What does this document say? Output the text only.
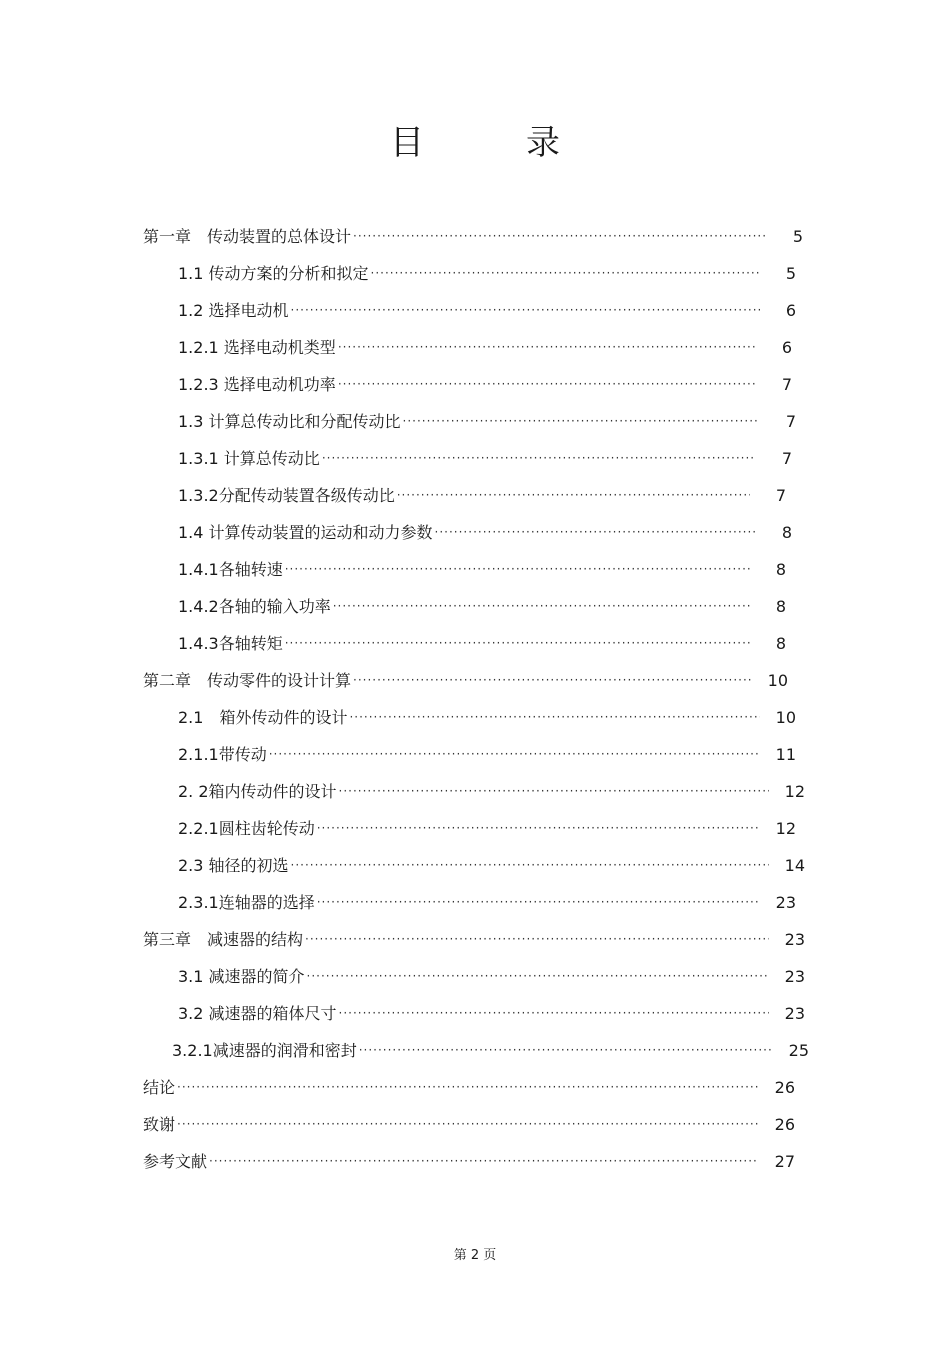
目　录
第一章　传动装置的总体设计 ·····	5
1.1 传动方案的分析和拟定 ·····	5
1.2 选择电动机 ·····	6
1.2.1 选择电动机类型 ·····	6
1.2.3 选择电动机功率 ·····	7
1.3 计算总传动比和分配传动比 ·····	7
1.3.1 计算总传动比 ·····	7
1.3.2分配传动装置各级传动比 ·····	7
1.4 计算传动装置的运动和动力参数 ·····	8
1.4.1各轴转速 ·····	8
1.4.2各轴的输入功率 ·····	8
1.4.3各轴转矩 ·····	8
第二章　传动零件的设计计算 ·····	10
2.1　箱外传动件的设计 ·····	10
2.1.1带传动 ·····	11
2. 2箱内传动件的设计 ·····	12
2.2.1圆柱齿轮传动 ·····	12
2.3 轴径的初选 ·····	14
2.3.1连轴器的选择 ·····	23
第三章　减速器的结构 ·····	23
3.1 减速器的简介 ·····	23
3.2 减速器的箱体尺寸 ·····	23
3.2.1减速器的润滑和密封 ·····	25
结论 ·····	26
致谢 ·····	26
参考文献 ·····	27
第 2 页
